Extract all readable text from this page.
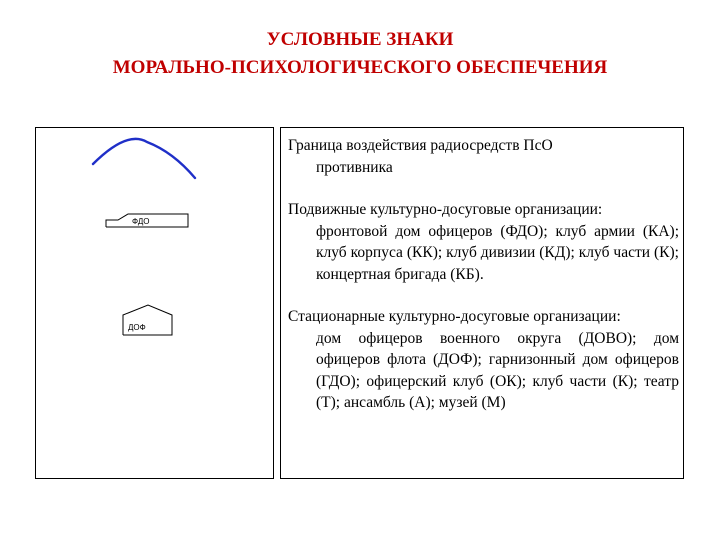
УСЛОВНЫЕ ЗНАКИ
МОРАЛЬНО-ПСИХОЛОГИЧЕСКОГО ОБЕСПЕЧЕНИЯ
ФДО
ДОФ
Граница воздействия радиосредств ПсО
противника
Подвижные культурно-досуговые организации:
фронтовой дом офицеров (ФДО); клуб армии (КА); клуб корпуса (КК); клуб дивизии (КД); клуб части (К); концертная бригада (КБ).
Стационарные культурно-досуговые организации:
дом офицеров военного округа (ДОВО); дом офицеров флота (ДОФ); гарнизонный дом офицеров (ГДО); офицерский клуб (ОК); клуб части (К); театр (Т); ансамбль (А); музей (М)
